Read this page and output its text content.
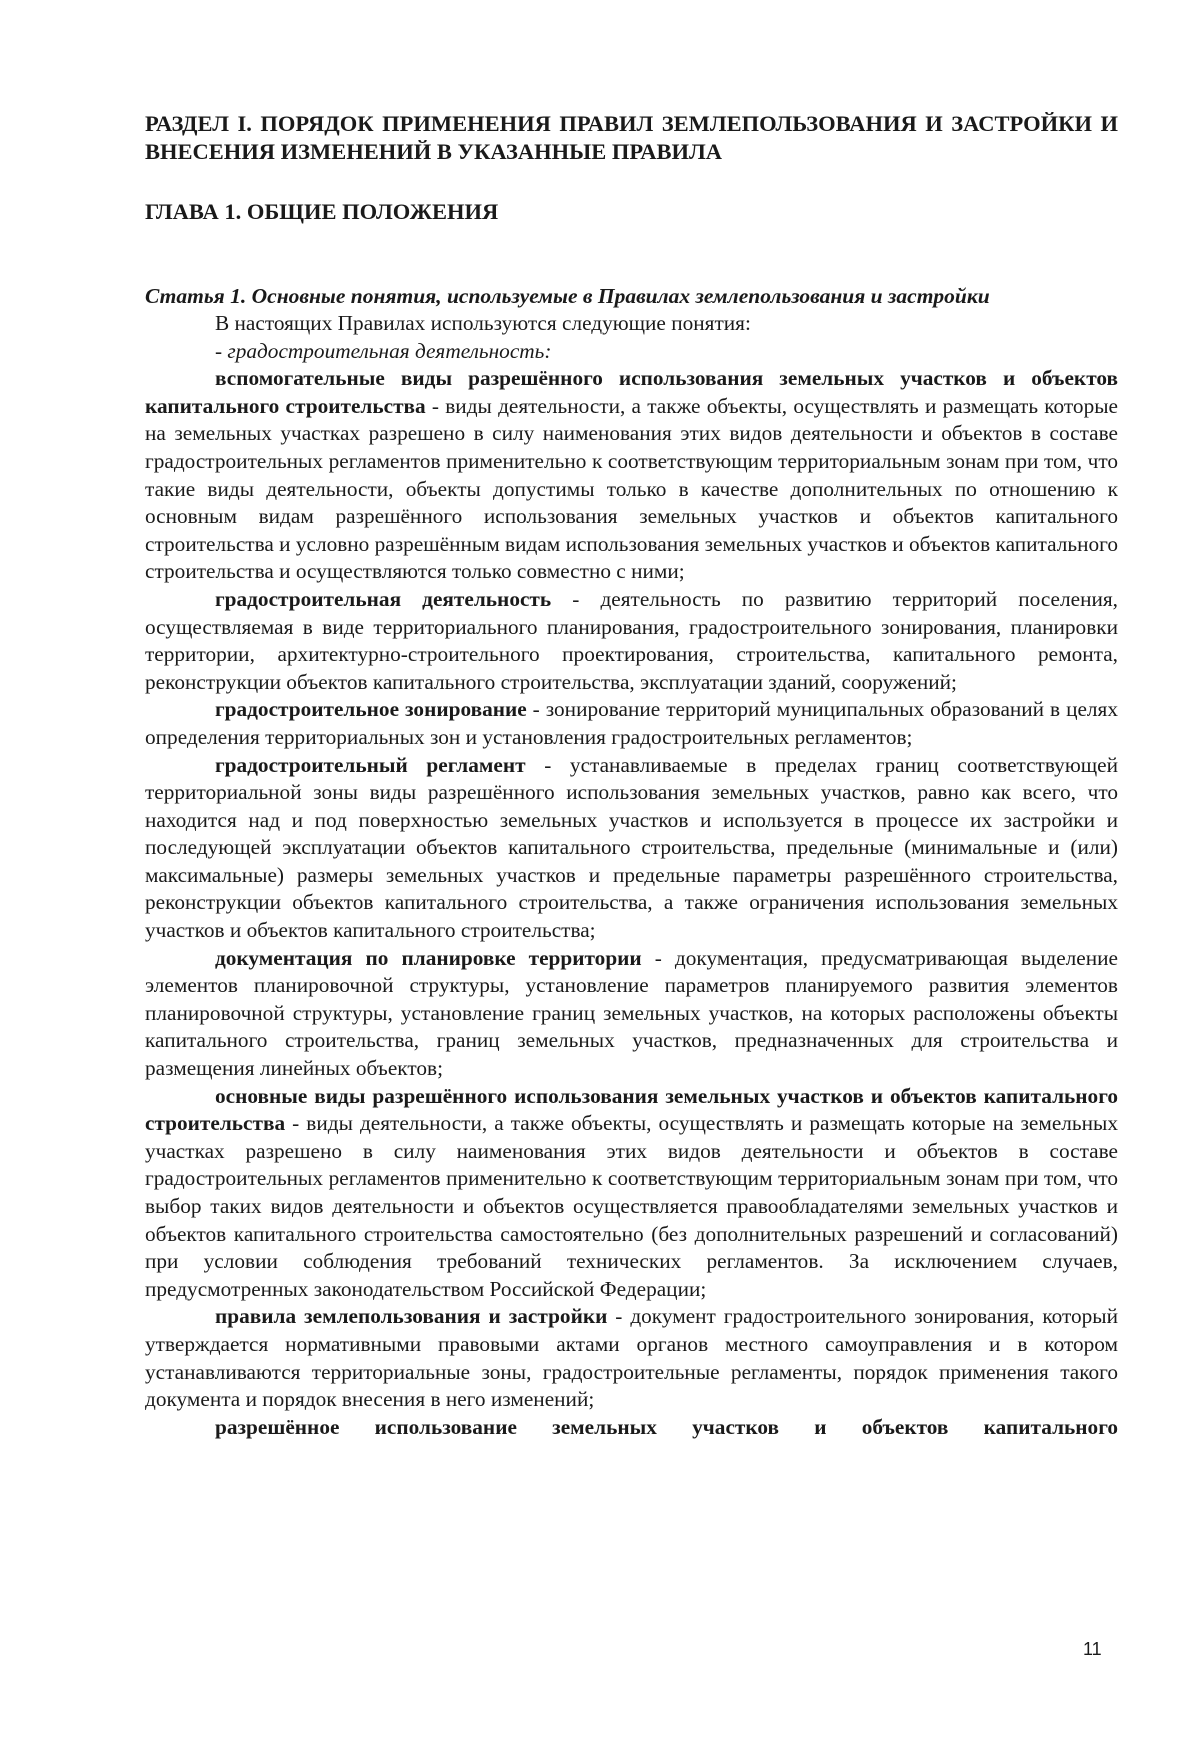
РАЗДЕЛ I. ПОРЯДОК ПРИМЕНЕНИЯ ПРАВИЛ ЗЕМЛЕПОЛЬЗОВАНИЯ И ЗАСТРОЙКИ И ВНЕСЕНИЯ ИЗМЕНЕНИЙ В УКАЗАННЫЕ ПРАВИЛА
ГЛАВА 1. ОБЩИЕ ПОЛОЖЕНИЯ
Статья 1. Основные понятия, используемые в Правилах землепользования и застройки

В настоящих Правилах используются следующие понятия:

- градостроительная деятельность:

вспомогательные виды разрешённого использования земельных участков и объектов капитального строительства - виды деятельности, а также объекты, осуществлять и размещать которые на земельных участках разрешено в силу наименования этих видов деятельности и объектов в составе градостроительных регламентов применительно к соответствующим территориальным зонам при том, что такие виды деятельности, объекты допустимы только в качестве дополнительных по отношению к основным видам разрешённого использования земельных участков и объектов капитального строительства и условно разрешённым видам использования земельных участков и объектов капитального строительства и осуществляются только совместно с ними;

градостроительная деятельность - деятельность по развитию территорий поселения, осуществляемая в виде территориального планирования, градостроительного зонирования, планировки территории, архитектурно-строительного проектирования, строительства, капитального ремонта, реконструкции объектов капитального строительства, эксплуатации зданий, сооружений;

градостроительное зонирование - зонирование территорий муниципальных образований в целях определения территориальных зон и установления градостроительных регламентов;

градостроительный регламент - устанавливаемые в пределах границ соответствующей территориальной зоны виды разрешённого использования земельных участков, равно как всего, что находится над и под поверхностью земельных участков и используется в процессе их застройки и последующей эксплуатации объектов капитального строительства, предельные (минимальные и (или) максимальные) размеры земельных участков и предельные параметры разрешённого строительства, реконструкции объектов капитального строительства, а также ограничения использования земельных участков и объектов капитального строительства;

документация по планировке территории - документация, предусматривающая выделение элементов планировочной структуры, установление параметров планируемого развития элементов планировочной структуры, установление границ земельных участков, на которых расположены объекты капитального строительства, границ земельных участков, предназначенных для строительства и размещения линейных объектов;

основные виды разрешённого использования земельных участков и объектов капитального строительства - виды деятельности, а также объекты, осуществлять и размещать которые на земельных участках разрешено в силу наименования этих видов деятельности и объектов в составе градостроительных регламентов применительно к соответствующим территориальным зонам при том, что выбор таких видов деятельности и объектов осуществляется правообладателями земельных участков и объектов капитального строительства самостоятельно (без дополнительных разрешений и согласований) при условии соблюдения требований технических регламентов. За исключением случаев, предусмотренных законодательством Российской Федерации;

правила землепользования и застройки - документ градостроительного зонирования, который утверждается нормативными правовыми актами органов местного самоуправления и в котором устанавливаются территориальные зоны, градостроительные регламенты, порядок применения такого документа и порядок внесения в него изменений;

разрешённое использование земельных участков и объектов капитального

11
